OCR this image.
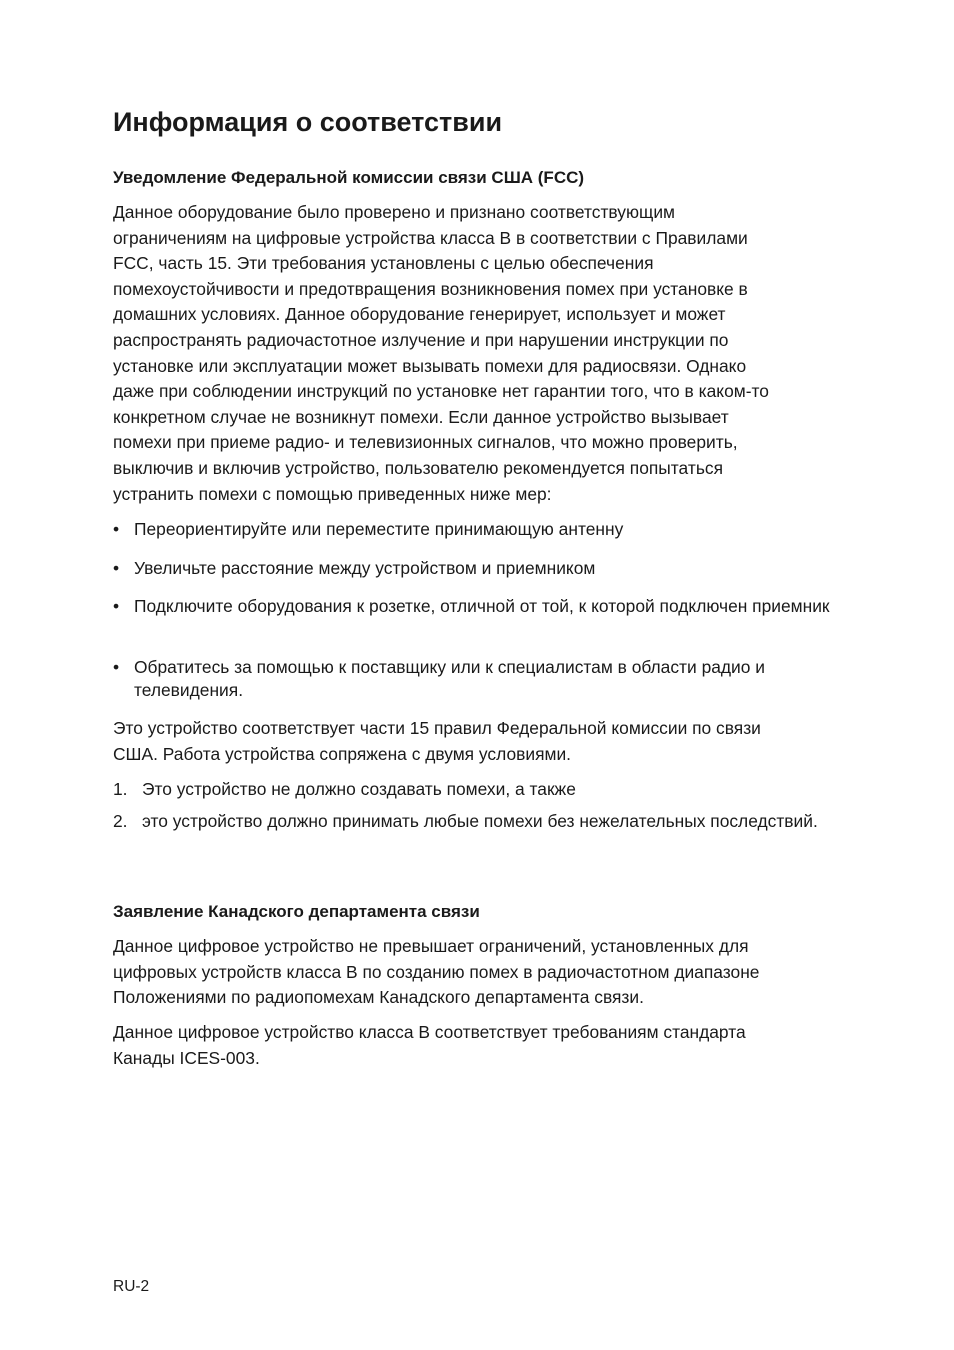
Информация о соответствии
Уведомление Федеральной комиссии связи США (FCC)

Данное оборудование было проверено и признано соответствующим
ограничениям на цифровые устройства класса В в соответствии с Правилами
FCC, часть 15. Эти требования установлены с целью обеспечения
помехоустойчивости и предотвращения возникновения помех при установке в
домашних условиях. Данное оборудование генерирует, использует и может
распространять радиочастотное излучение и при нарушении инструкции по
установке или эксплуатации может вызывать помехи для радиосвязи. Однако
даже при соблюдении инструкций по установке нет гарантии того, что в каком-то
конкретном случае не возникнут помехи. Если данное устройство вызывает
помехи при приеме радио- и телевизионных сигналов, что можно проверить,
выключив и включив устройство, пользователю рекомендуется попытаться
устранить помехи с помощью приведенных ниже мер:

• Переориентируйте или переместите принимающую антенну
• Увеличьте расстояние между устройством и приемником
• Подключите оборудования к розетке, отличной от той, к которой подключен приемник
• Обратитесь за помощью к поставщику или к специалистам в области радио и телевидения.

Это устройство соответствует части 15 правил Федеральной комиссии по связи
США. Работа устройства сопряжена с двумя условиями.

1. Это устройство не должно создавать помехи, а также
2. это устройство должно принимать любые помехи без нежелательных последствий.
Заявление Канадского департамента связи

Данное цифровое устройство не превышает ограничений, установленных для
цифровых устройств класса В по созданию помех в радиочастотном диапазоне
Положениями по радиопомехам Канадского департамента связи.

Данное цифровое устройство класса В соответствует требованиям стандарта
Канады ICES-003.

RU-2
